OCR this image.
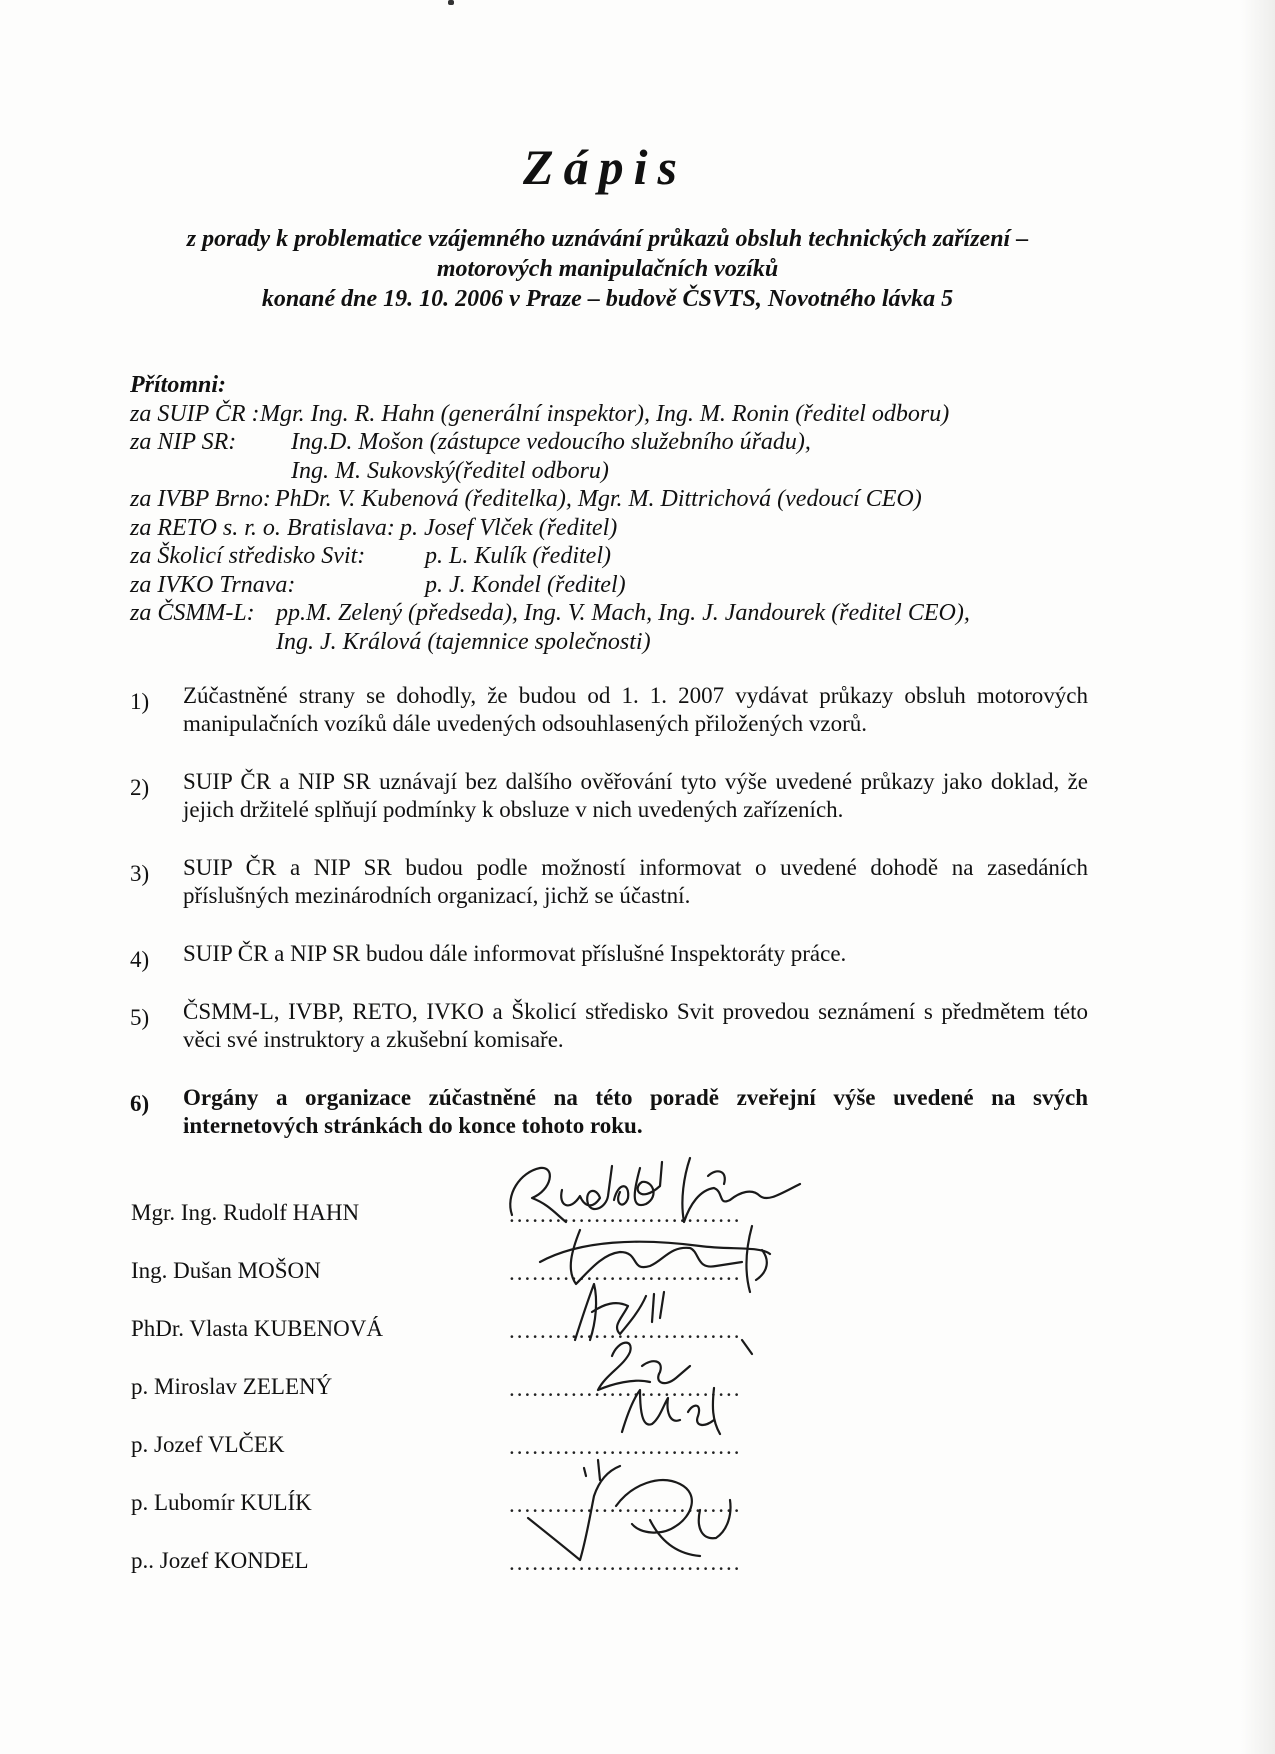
Zápis
z porady k problematice vzájemného uznávání průkazů obsluh technických zařízení –
motorových manipulačních vozíků
konané dne 19. 10. 2006 v Praze – budově ČSVTS, Novotného lávka 5
Přítomni:
za SUIP ČR : Mgr. Ing. R. Hahn (generální inspektor), Ing. M. Ronin (ředitel odboru)
za NIP SR: Ing.D. Mošon (zástupce vedoucího služebního úřadu),
Ing. M. Sukovský(ředitel odboru)
za IVBP Brno: PhDr. V. Kubenová (ředitelka), Mgr. M. Dittrichová (vedoucí CEO)
za RETO s. r. o. Bratislava: p. Josef Vlček (ředitel)
za Školicí středisko Svit: p. L. Kulík (ředitel)
za IVKO Trnava:	p. J. Kondel (ředitel)
za ČSMM-L: pp.M. Zelený (předseda), Ing. V. Mach, Ing. J. Jandourek (ředitel CEO),
Ing. J. Králová (tajemnice společnosti)
1) Zúčastněné strany se dohodly, že budou od 1. 1. 2007 vydávat průkazy obsluh motorových manipulačních vozíků dále uvedených odsouhlasených přiložených vzorů.
2) SUIP ČR a NIP SR uznávají bez dalšího ověřování tyto výše uvedené průkazy jako doklad, že jejich držitelé splňují podmínky k obsluze v nich uvedených zařízeních.
3) SUIP ČR a NIP SR budou podle možností informovat o uvedené dohodě na zasedáních příslušných mezinárodních organizací, jichž se účastní.
4) SUIP ČR a NIP SR budou dále informovat příslušné Inspektoráty práce.
5) ČSMM-L, IVBP, RETO, IVKO a Školicí středisko Svit provedou seznámení s předmětem této věci své instruktory a zkušební komisaře.
6) Orgány a organizace zúčastněné na této poradě zveřejní výše uvedené na svých internetových stránkách do konce tohoto roku.
Mgr. Ing. Rudolf HAHN	..............................
Ing. Dušan MOŠON	..............................
PhDr. Vlasta KUBENOVÁ	..............................
p. Miroslav ZELENÝ	..............................
p. Jozef VLČEK	..............................
p. Lubomír KULÍK	..............................
p.. Jozef KONDEL	..............................
